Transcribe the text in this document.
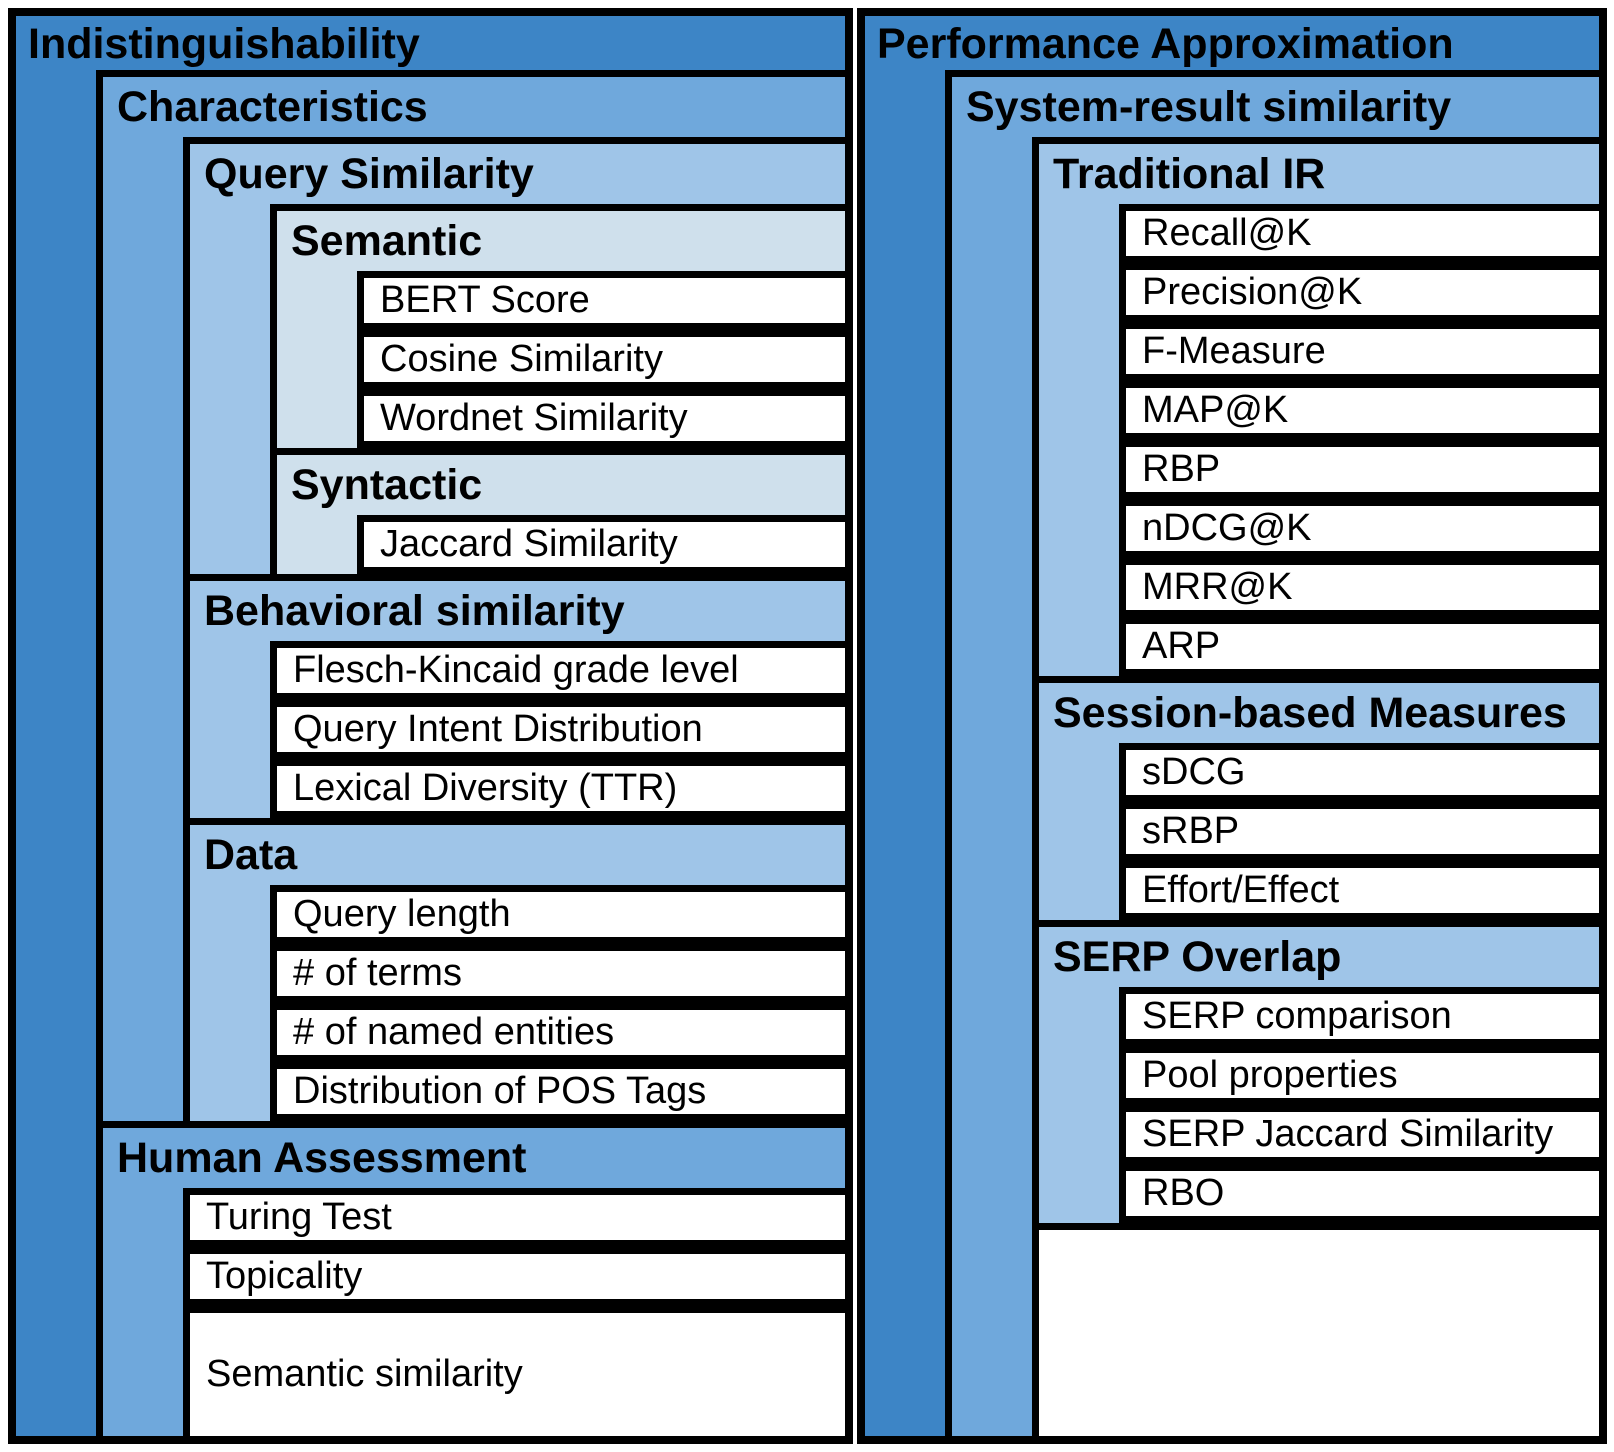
Indistinguishability
Characteristics
Query Similarity
Semantic
BERT Score
Cosine Similarity
Wordnet Similarity
Syntactic
Jaccard Similarity
Behavioral similarity
Flesch-Kincaid grade level
Query Intent Distribution
Lexical Diversity (TTR)
Data
Query length
# of terms
# of named entities
Distribution of POS Tags
Human Assessment
Turing Test
Topicality
Semantic similarity
Performance Approximation
System-result similarity
Traditional IR
Recall@K
Precision@K
F-Measure
MAP@K
RBP
nDCG@K
MRR@K
ARP
Session-based Measures
sDCG
sRBP
Effort/Effect
SERP Overlap
SERP comparison
Pool properties
SERP Jaccard Similarity
RBO
